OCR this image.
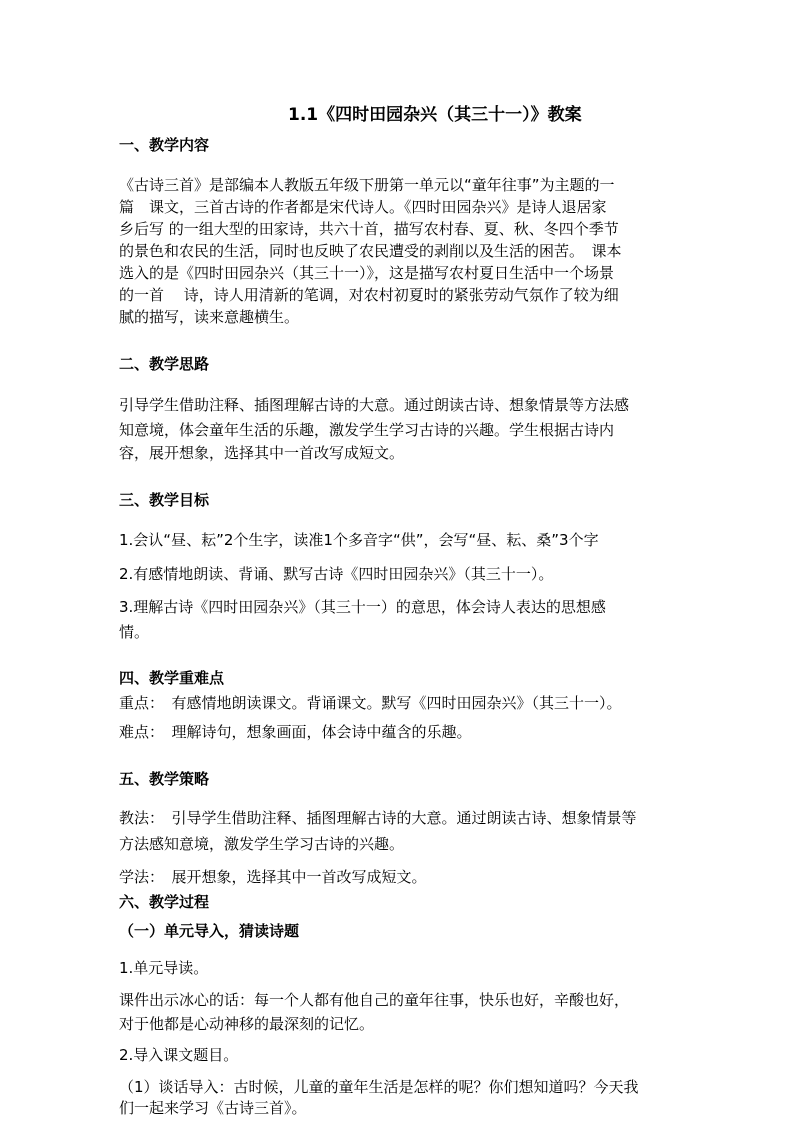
1.1《四时田园杂兴（其三十一）》教案
一、教学内容
《古诗三首》是部编本人教版五年级下册第一单元以“童年往事”为主题的一
篇　课文，三首古诗的作者都是宋代诗人。《四时田园杂兴》是诗人退居家
乡后写 的一组大型的田家诗，共六十首，描写农村春、夏、秋、冬四个季节
的景色和农民的生活，同时也反映了农民遭受的剥削以及生活的困苦。　课本
选入的是《四时田园杂兴（其三十一）》，这是描写农村夏日生活中一个场景
的一首　 诗，诗人用清新的笔调，对农村初夏时的紧张劳动气氛作了较为细
腻的描写，读来意趣横生。
二、教学思路
引导学生借助注释、插图理解古诗的大意。通过朗读古诗、想象情景等方法感
知意境，体会童年生活的乐趣，激发学生学习古诗的兴趣。学生根据古诗内
容，展开想象，选择其中一首改写成短文。
三、教学目标
1.会认“昼、耘”2个生字，读准1个多音字“供”，会写“昼、耘、桑”3个字
2.有感情地朗读、背诵、默写古诗《四时田园杂兴》（其三十一）。
3.理解古诗《四时田园杂兴》（其三十一）的意思，体会诗人表达的思想感
情。
四、教学重难点
重点：　有感情地朗读课文。背诵课文。默写《四时田园杂兴》（其三十一）。
难点：　理解诗句，想象画面，体会诗中蕴含的乐趣。
五、教学策略
教法：　引导学生借助注释、插图理解古诗的大意。通过朗读古诗、想象情景等
方法感知意境，激发学生学习古诗的兴趣。
学法：　展开想象，选择其中一首改写成短文。
六、教学过程
（一）单元导入，猜读诗题
1.单元导读。
课件出示冰心的话：每一个人都有他自己的童年往事，快乐也好，辛酸也好，
对于他都是心动神移的最深刻的记忆。
2.导入课文题目。
（1）谈话导入：古时候，儿童的童年生活是怎样的呢？你们想知道吗？今天我
们一起来学习《古诗三首》。
